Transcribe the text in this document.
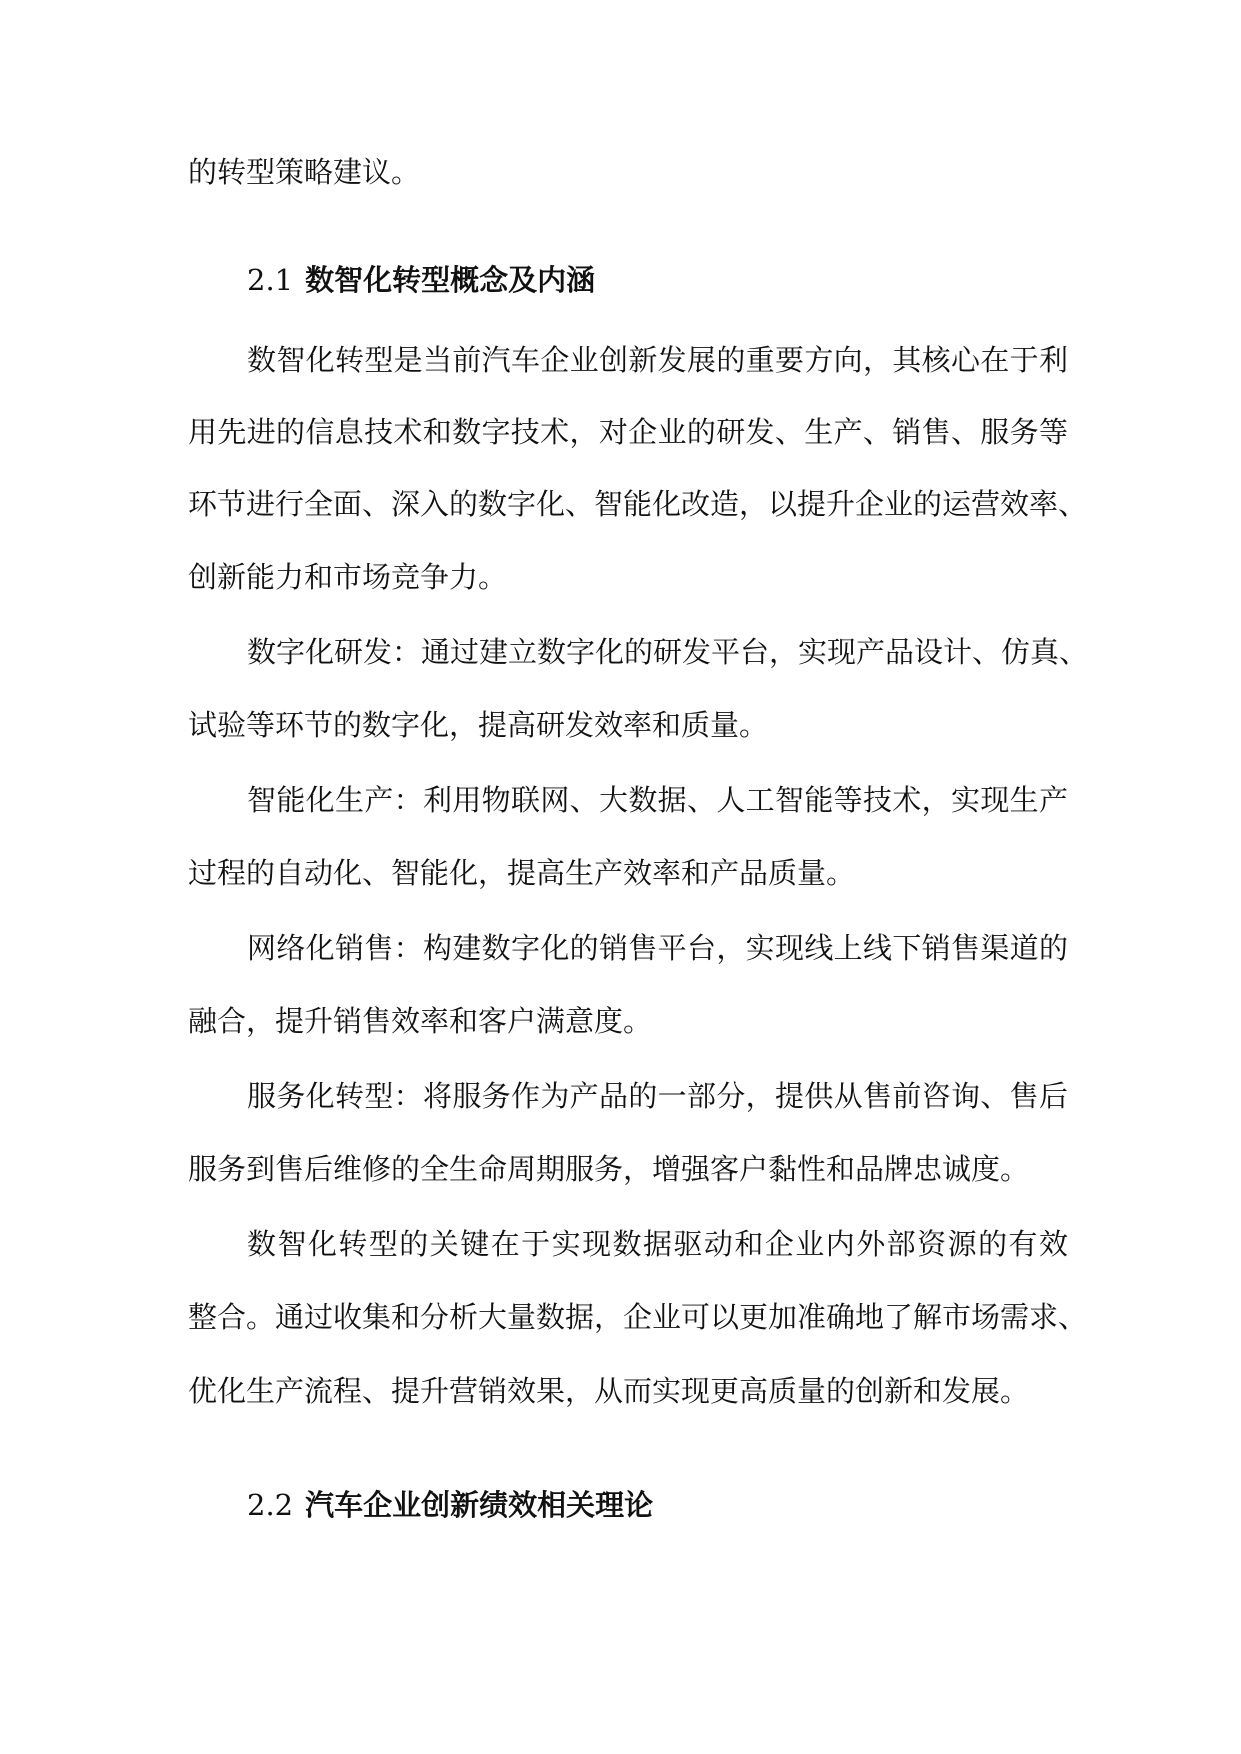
的转型策略建议。
2.1 数智化转型概念及内涵
数智化转型是当前汽车企业创新发展的重要方向，其核心在于利
用先进的信息技术和数字技术，对企业的研发、生产、销售、服务等
环节进行全面、深入的数字化、智能化改造，以提升企业的运营效率、
创新能力和市场竞争力。
数字化研发：通过建立数字化的研发平台，实现产品设计、仿真、
试验等环节的数字化，提高研发效率和质量。
智能化生产：利用物联网、大数据、人工智能等技术，实现生产
过程的自动化、智能化，提高生产效率和产品质量。
网络化销售：构建数字化的销售平台，实现线上线下销售渠道的
融合，提升销售效率和客户满意度。
服务化转型：将服务作为产品的一部分，提供从售前咨询、售后
服务到售后维修的全生命周期服务，增强客户黏性和品牌忠诚度。
数智化转型的关键在于实现数据驱动和企业内外部资源的有效
整合。通过收集和分析大量数据，企业可以更加准确地了解市场需求、
优化生产流程、提升营销效果，从而实现更高质量的创新和发展。
2.2 汽车企业创新绩效相关理论
